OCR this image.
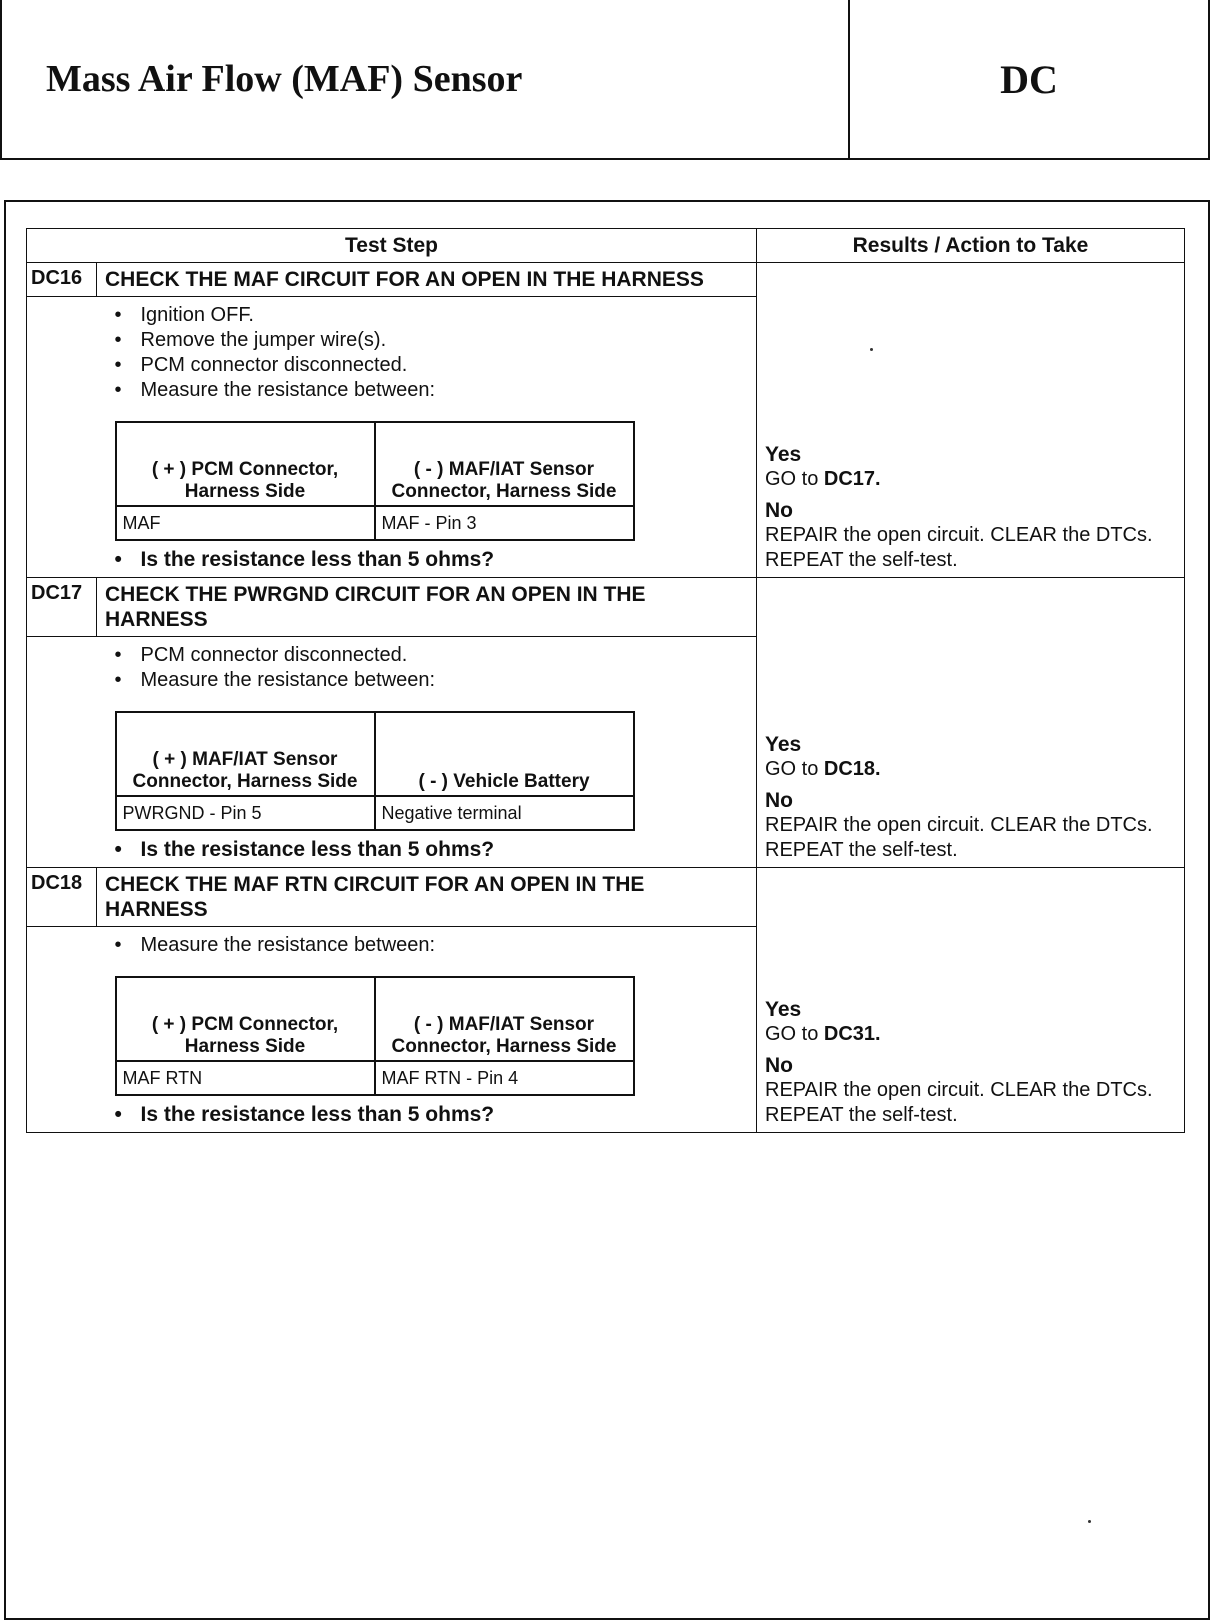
Mass Air Flow (MAF) Sensor	DC
Test Step	Results / Action to Take
DC16	CHECK THE MAF CIRCUIT FOR AN OPEN IN THE HARNESS	
Yes
GO to DC17.
No
REPAIR the open circuit. CLEAR the DTCs. REPEAT the self-test.

• Ignition OFF.
• Remove the jumper wire(s).
• PCM connector disconnected.
• Measure the resistance between:
( + ) PCM Connector, Harness Side	( - ) MAF/IAT Sensor Connector, Harness Side
MAF	MAF - Pin 3
• Is the resistance less than 5 ohms?

DC17	CHECK THE PWRGND CIRCUIT FOR AN OPEN IN THE HARNESS	
Yes
GO to DC18.
No
REPAIR the open circuit. CLEAR the DTCs. REPEAT the self-test.

• PCM connector disconnected.
• Measure the resistance between:
( + ) MAF/IAT Sensor Connector, Harness Side	( - ) Vehicle Battery
PWRGND - Pin 5	Negative terminal
• Is the resistance less than 5 ohms?

DC18	CHECK THE MAF RTN CIRCUIT FOR AN OPEN IN THE HARNESS	
Yes
GO to DC31.
No
REPAIR the open circuit. CLEAR the DTCs. REPEAT the self-test.

• Measure the resistance between:
( + ) PCM Connector, Harness Side	( - ) MAF/IAT Sensor Connector, Harness Side
MAF RTN	MAF RTN - Pin 4
• Is the resistance less than 5 ohms?
